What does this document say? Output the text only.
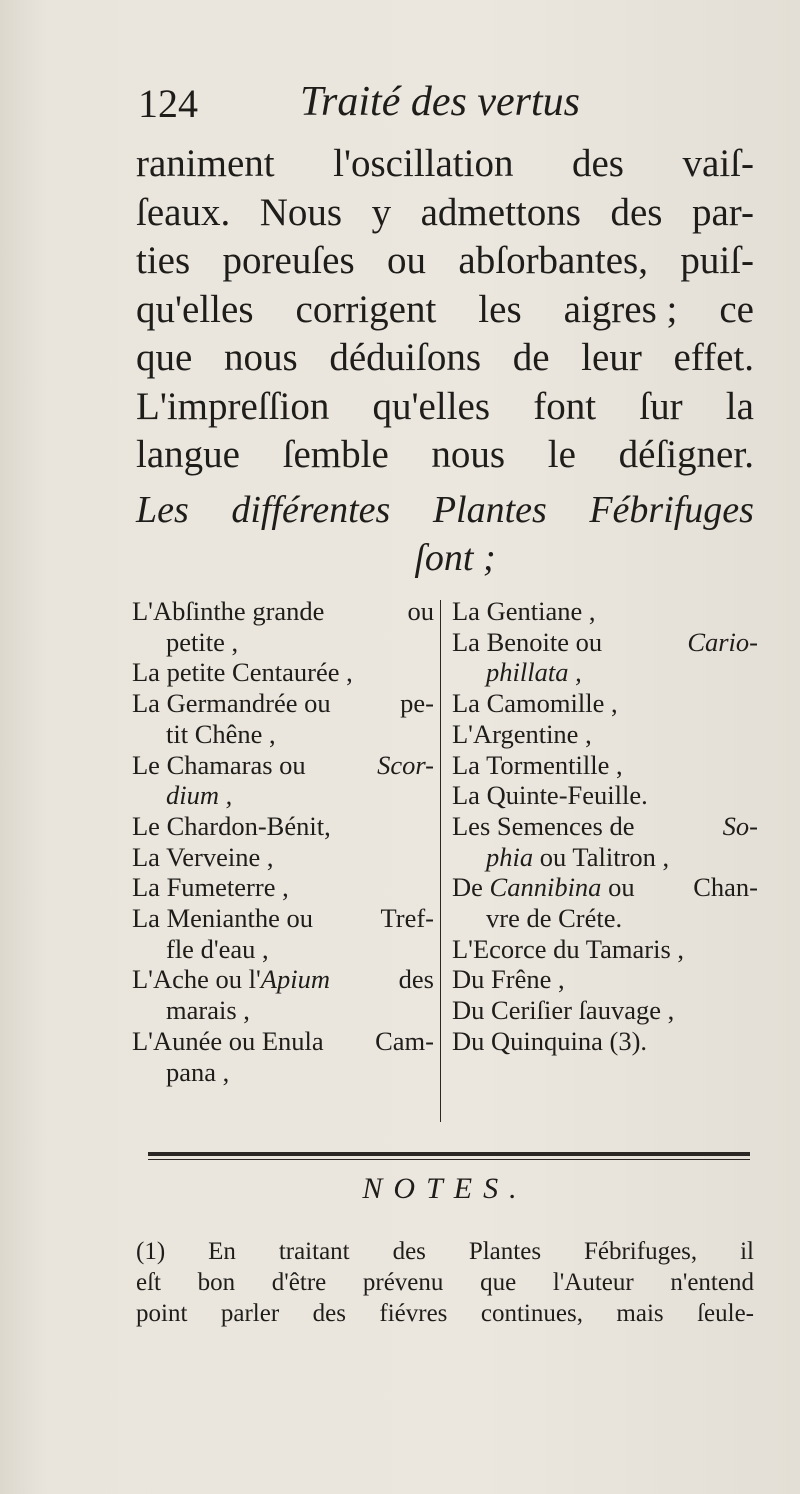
124 Traité des vertus
raniment l'oscillation des vaiſ-
ſeaux. Nous y admettons des par-
ties poreuſes ou abſorbantes, puiſ-
qu'elles corrigent les aigres ; ce
que nous déduiſons de leur effet.
L'impreſſion qu'elles font ſur la
langue ſemble nous le déſigner.
Les différentes Plantes Fébrifuges
ſont ;
L'Abſinthe grande	ou
petite ,
La petite Centaurée ,
La Germandrée ou	pe-
tit Chêne ,
Le Chamaras ou	Scor-
dium ,
Le Chardon-Bénit,
La Verveine ,
La Fumeterre ,
La Menianthe ou	Tref-
fle d'eau ,
L'Ache ou l'Apium	des
marais ,
L'Aunée ou Enula Cam-
pana ,
La Gentiane ,
La Benoite ou	Cario-
phillata ,
La Camomille ,
L'Argentine ,
La Tormentille ,
La Quinte-Feuille.
Les Semences de	So-
phia ou Talitron ,
De Cannibina ou Chan-
vre de Créte.
L'Ecorce du Tamaris ,
Du Frêne ,
Du Ceriſier ſauvage ,
Du Quinquina (3).
NOTES.
(1) En traitant des Plantes Fébrifuges, il
eſt bon d'être prévenu que l'Auteur n'entend
point parler des fiévres continues, mais ſeule-
